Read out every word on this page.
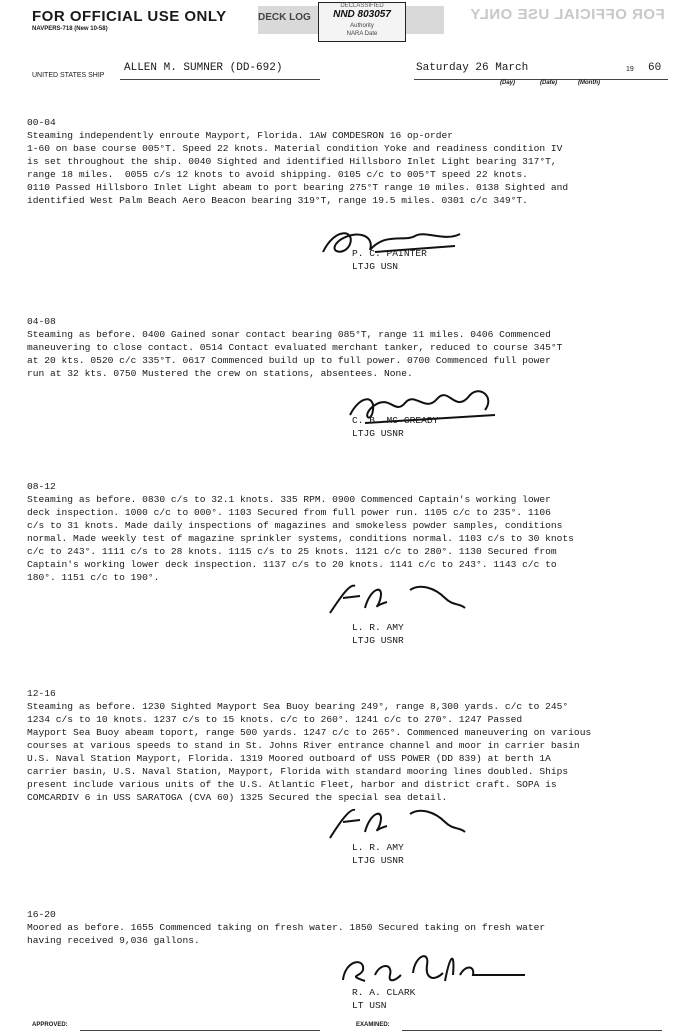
FOR OFFICIAL USE ONLY
NAVPERS-718 (New 10-58)
FOR OFFICIAL USE ONLY
DECK LOG
DECLASSIFIED
NND 803057
Authority
NARA Date
UNITED STATES SHIP
ALLEN M. SUMNER (DD-692)	Saturday 26 March	19 60
(Day)	(Date)	(Month)
00-04
Steaming independently enroute Mayport, Florida. 1AW COMDESRON 16 op-order
1-60 on base course 005°T. Speed 22 knots. Material condition Yoke and readiness condition IV
is set throughout the ship. 0040 Sighted and identified Hillsboro Inlet Light bearing 317°T,
range 18 miles.  0055 c/s 12 knots to avoid shipping. 0105 c/c to 005°T speed 22 knots.
0110 Passed Hillsboro Inlet Light abeam to port bearing 275°T range 10 miles. 0138 Sighted and
identified West Palm Beach Aero Beacon bearing 319°T, range 19.5 miles. 0301 c/c 349°T.
P. C. PAINTER
LTJG USN
04-08
Steaming as before. 0400 Gained sonar contact bearing 085°T, range 11 miles. 0406 Commenced
maneuvering to close contact. 0514 Contact evaluated merchant tanker, reduced to course 345°T
at 20 kts. 0520 c/c 335°T. 0617 Commenced build up to full power. 0700 Commenced full power
run at 32 kts. 0750 Mustered the crew on stations, absentees. None.
C. B. MC GREADY
LTJG USNR
08-12
Steaming as before. 0830 c/s to 32.1 knots. 335 RPM. 0900 Commenced Captain's working lower
deck inspection. 1000 c/c to 000°. 1103 Secured from full power run. 1105 c/c to 235°. 1106
c/s to 31 knots. Made daily inspections of magazines and smokeless powder samples, conditions
normal. Made weekly test of magazine sprinkler systems, conditions normal. 1103 c/s to 30 knots
c/c to 243°. 1111 c/s to 28 knots. 1115 c/s to 25 knots. 1121 c/c to 280°. 1130 Secured from
Captain's working lower deck inspection. 1137 c/s to 20 knots. 1141 c/c to 243°. 1143 c/c to
180°. 1151 c/c to 190°.
L. R. AMY
LTJG USNR
12-16
Steaming as before. 1230 Sighted Mayport Sea Buoy bearing 249°, range 8,300 yards. c/c to 245°
1234 c/s to 10 knots. 1237 c/s to 15 knots. c/c to 260°. 1241 c/c to 270°. 1247 Passed
Mayport Sea Buoy abeam toport, range 500 yards. 1247 c/c to 265°. Commenced maneuvering on various
courses at various speeds to stand in St. Johns River entrance channel and moor in carrier basin
U.S. Naval Station Mayport, Florida. 1319 Moored outboard of USS POWER (DD 839) at berth 1A
carrier basin, U.S. Naval Station, Mayport, Florida with standard mooring lines doubled. Ships
present include various units of the U.S. Atlantic Fleet, harbor and district craft. SOPA is
COMCARDIV 6 in USS SARATOGA (CVA 60) 1325 Secured the special sea detail.
L. R. AMY
LTJG USNR
16-20
Moored as before. 1655 Commenced taking on fresh water. 1850 Secured taking on fresh water
having received 9,036 gallons.
R. A. CLARK
LT USN
APPROVED:	EXAMINED:
